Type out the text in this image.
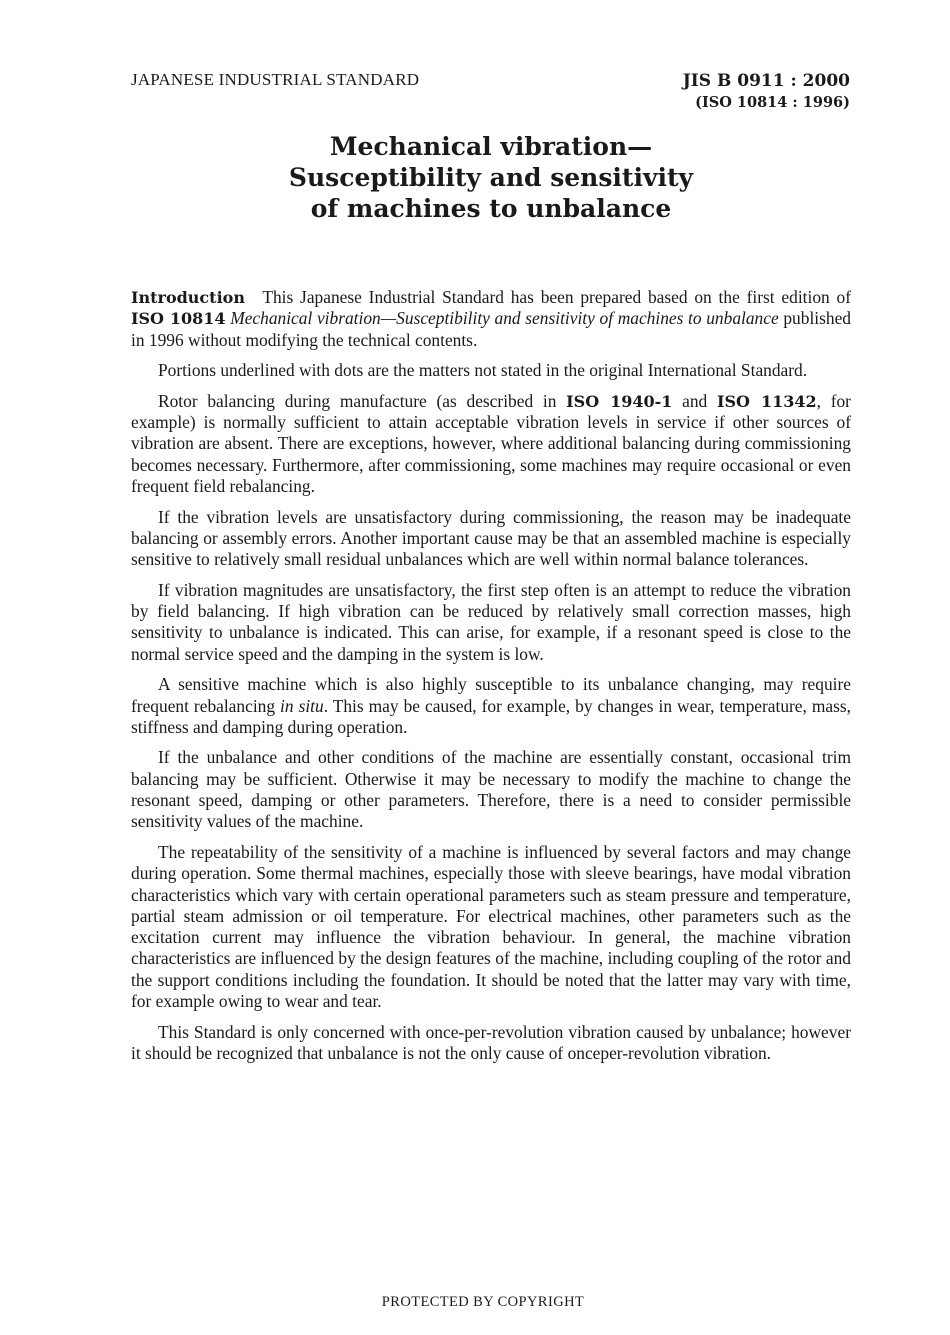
JAPANESE INDUSTRIAL STANDARD	JIS B 0911 : 2000
(ISO 10814 : 1996)
Mechanical vibration—
Susceptibility and sensitivity
of machines to unbalance

Introduction  This Japanese Industrial Standard has been prepared based on the first edition of ISO 10814 Mechanical vibration—Susceptibility and sensitivity of machines to unbalance published in 1996 without modifying the technical contents.

Portions underlined with dots are the matters not stated in the original International Standard.

Rotor balancing during manufacture (as described in ISO 1940-1 and ISO 11342, for example) is normally sufficient to attain acceptable vibration levels in service if other sources of vibration are absent. There are exceptions, however, where additional balancing during commissioning becomes necessary. Furthermore, after commissioning, some machines may require occasional or even frequent field rebalancing.

If the vibration levels are unsatisfactory during commissioning, the reason may be inadequate balancing or assembly errors. Another important cause may be that an assembled machine is especially sensitive to relatively small residual unbalances which are well within normal balance tolerances.

If vibration magnitudes are unsatisfactory, the first step often is an attempt to reduce the vibration by field balancing. If high vibration can be reduced by relatively small correction masses, high sensitivity to unbalance is indicated. This can arise, for example, if a resonant speed is close to the normal service speed and the damping in the system is low.

A sensitive machine which is also highly susceptible to its unbalance changing, may require frequent rebalancing in situ. This may be caused, for example, by changes in wear, temperature, mass, stiffness and damping during operation.

If the unbalance and other conditions of the machine are essentially constant, occasional trim balancing may be sufficient. Otherwise it may be necessary to modify the machine to change the resonant speed, damping or other parameters. Therefore, there is a need to consider permissible sensitivity values of the machine.

The repeatability of the sensitivity of a machine is influenced by several factors and may change during operation. Some thermal machines, especially those with sleeve bearings, have modal vibration characteristics which vary with certain operational parameters such as steam pressure and temperature, partial steam admission or oil temperature. For electrical machines, other parameters such as the excitation current may influence the vibration behaviour. In general, the machine vibration characteristics are influenced by the design features of the machine, including coupling of the rotor and the support conditions including the foundation. It should be noted that the latter may vary with time, for example owing to wear and tear.

This Standard is only concerned with once-per-revolution vibration caused by unbalance; however it should be recognized that unbalance is not the only cause of onceper-revolution vibration.

PROTECTED BY COPYRIGHT
